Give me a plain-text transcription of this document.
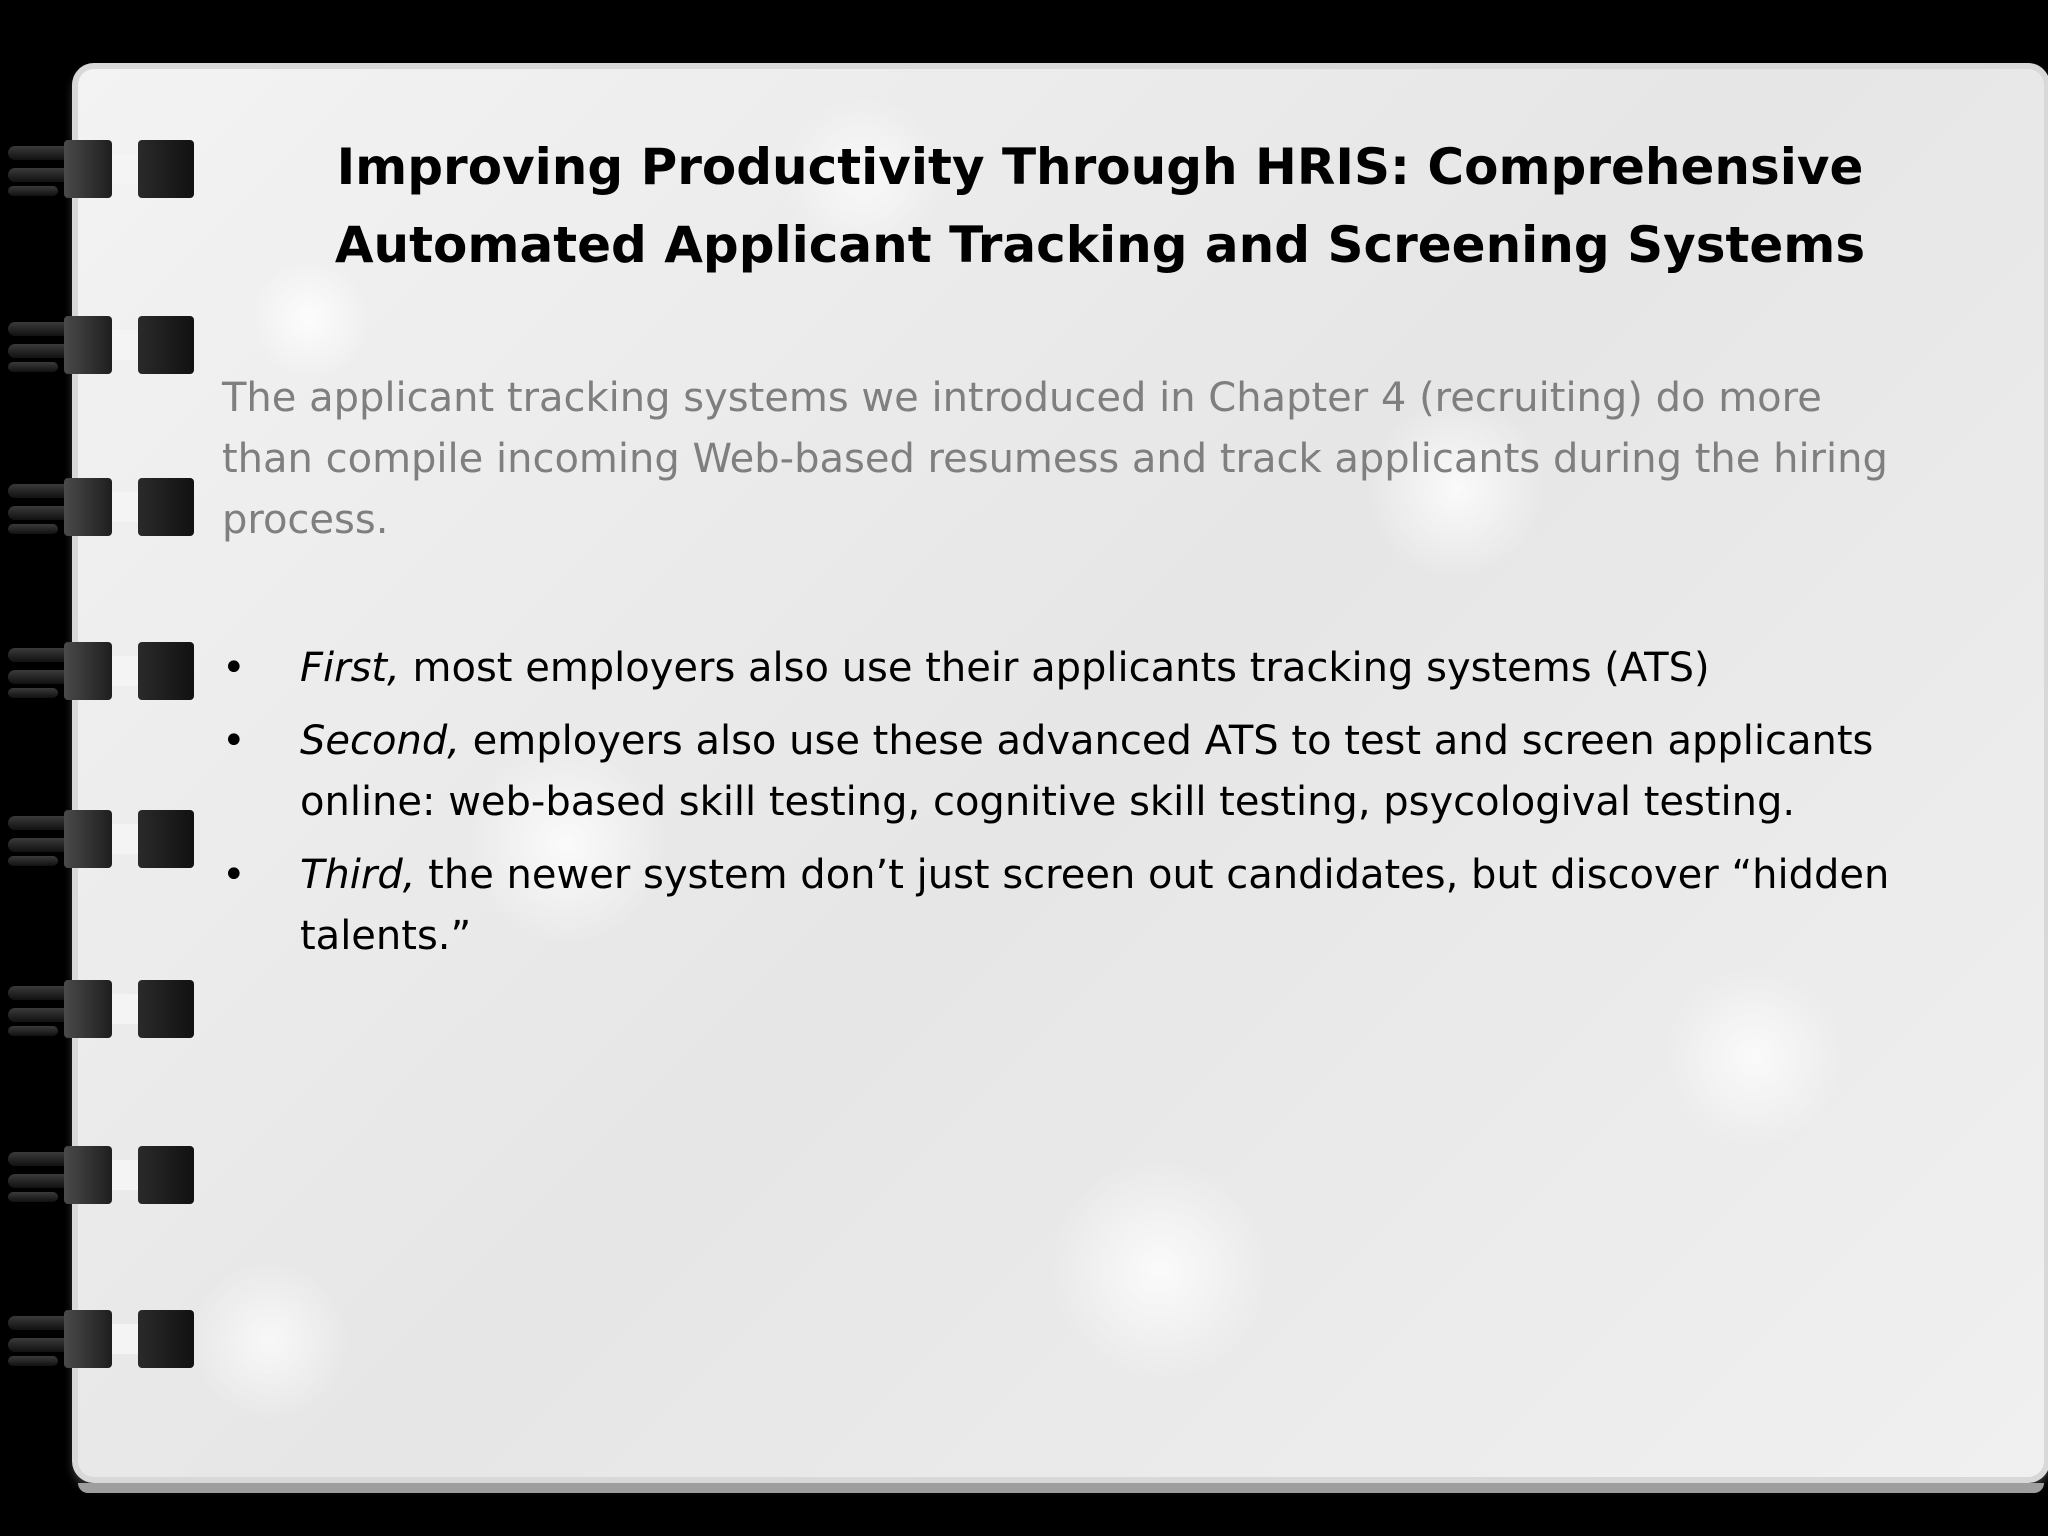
Improving Productivity Through HRIS: Comprehensive
Automated Applicant Tracking and Screening Systems

The applicant tracking systems we introduced in Chapter 4 (recruiting) do more than compile incoming Web-based resumess and track applicants during the hiring process.

• First, most employers also use their applicants tracking systems (ATS)
• Second, employers also use these advanced ATS to test and screen applicants online: web-based skill testing, cognitive skill testing, psycologival testing.
• Third, the newer system don’t just screen out candidates, but discover “hidden talents.”
